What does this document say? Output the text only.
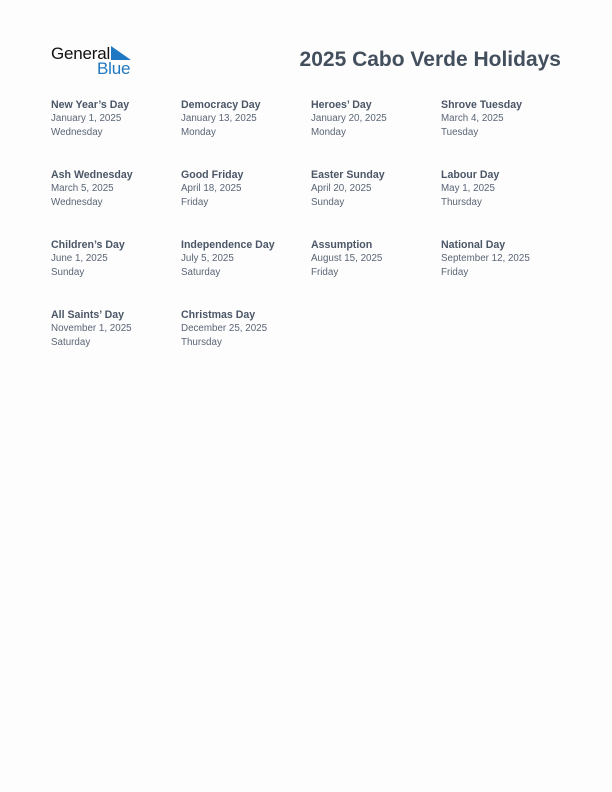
General
Blue	2025 Cabo Verde Holidays
New Year’s Day
January 1, 2025
Wednesday
Democracy Day
January 13, 2025
Monday
Heroes’ Day
January 20, 2025
Monday
Shrove Tuesday
March 4, 2025
Tuesday
Ash Wednesday
March 5, 2025
Wednesday
Good Friday
April 18, 2025
Friday
Easter Sunday
April 20, 2025
Sunday
Labour Day
May 1, 2025
Thursday
Children’s Day
June 1, 2025
Sunday
Independence Day
July 5, 2025
Saturday
Assumption
August 15, 2025
Friday
National Day
September 12, 2025
Friday
All Saints’ Day
November 1, 2025
Saturday
Christmas Day
December 25, 2025
Thursday
